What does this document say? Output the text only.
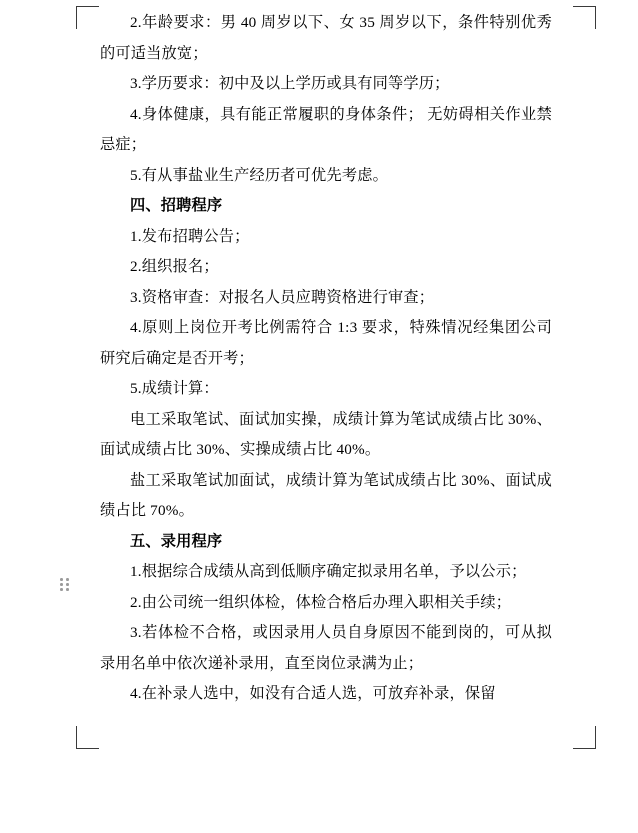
2.年龄要求：男 40 周岁以下、女 35 周岁以下，条件特别优秀的可适当放宽；

3.学历要求：初中及以上学历或具有同等学历；

4.身体健康，具有能正常履职的身体条件； 无妨碍相关作业禁忌症；

5.有从事盐业生产经历者可优先考虑。

四、招聘程序

1.发布招聘公告；

2.组织报名；

3.资格审查：对报名人员应聘资格进行审查；

4.原则上岗位开考比例需符合 1:3 要求，特殊情况经集团公司研究后确定是否开考；

5.成绩计算：

电工采取笔试、面试加实操，成绩计算为笔试成绩占比 30%、面试成绩占比 30%、实操成绩占比 40%。

盐工采取笔试加面试，成绩计算为笔试成绩占比 30%、面试成绩占比 70%。

五、录用程序

1.根据综合成绩从高到低顺序确定拟录用名单，予以公示；

2.由公司统一组织体检，体检合格后办理入职相关手续；

3.若体检不合格，或因录用人员自身原因不能到岗的，可从拟录用名单中依次递补录用，直至岗位录满为止；

4.在补录人选中，如没有合适人选，可放弃补录，保留
